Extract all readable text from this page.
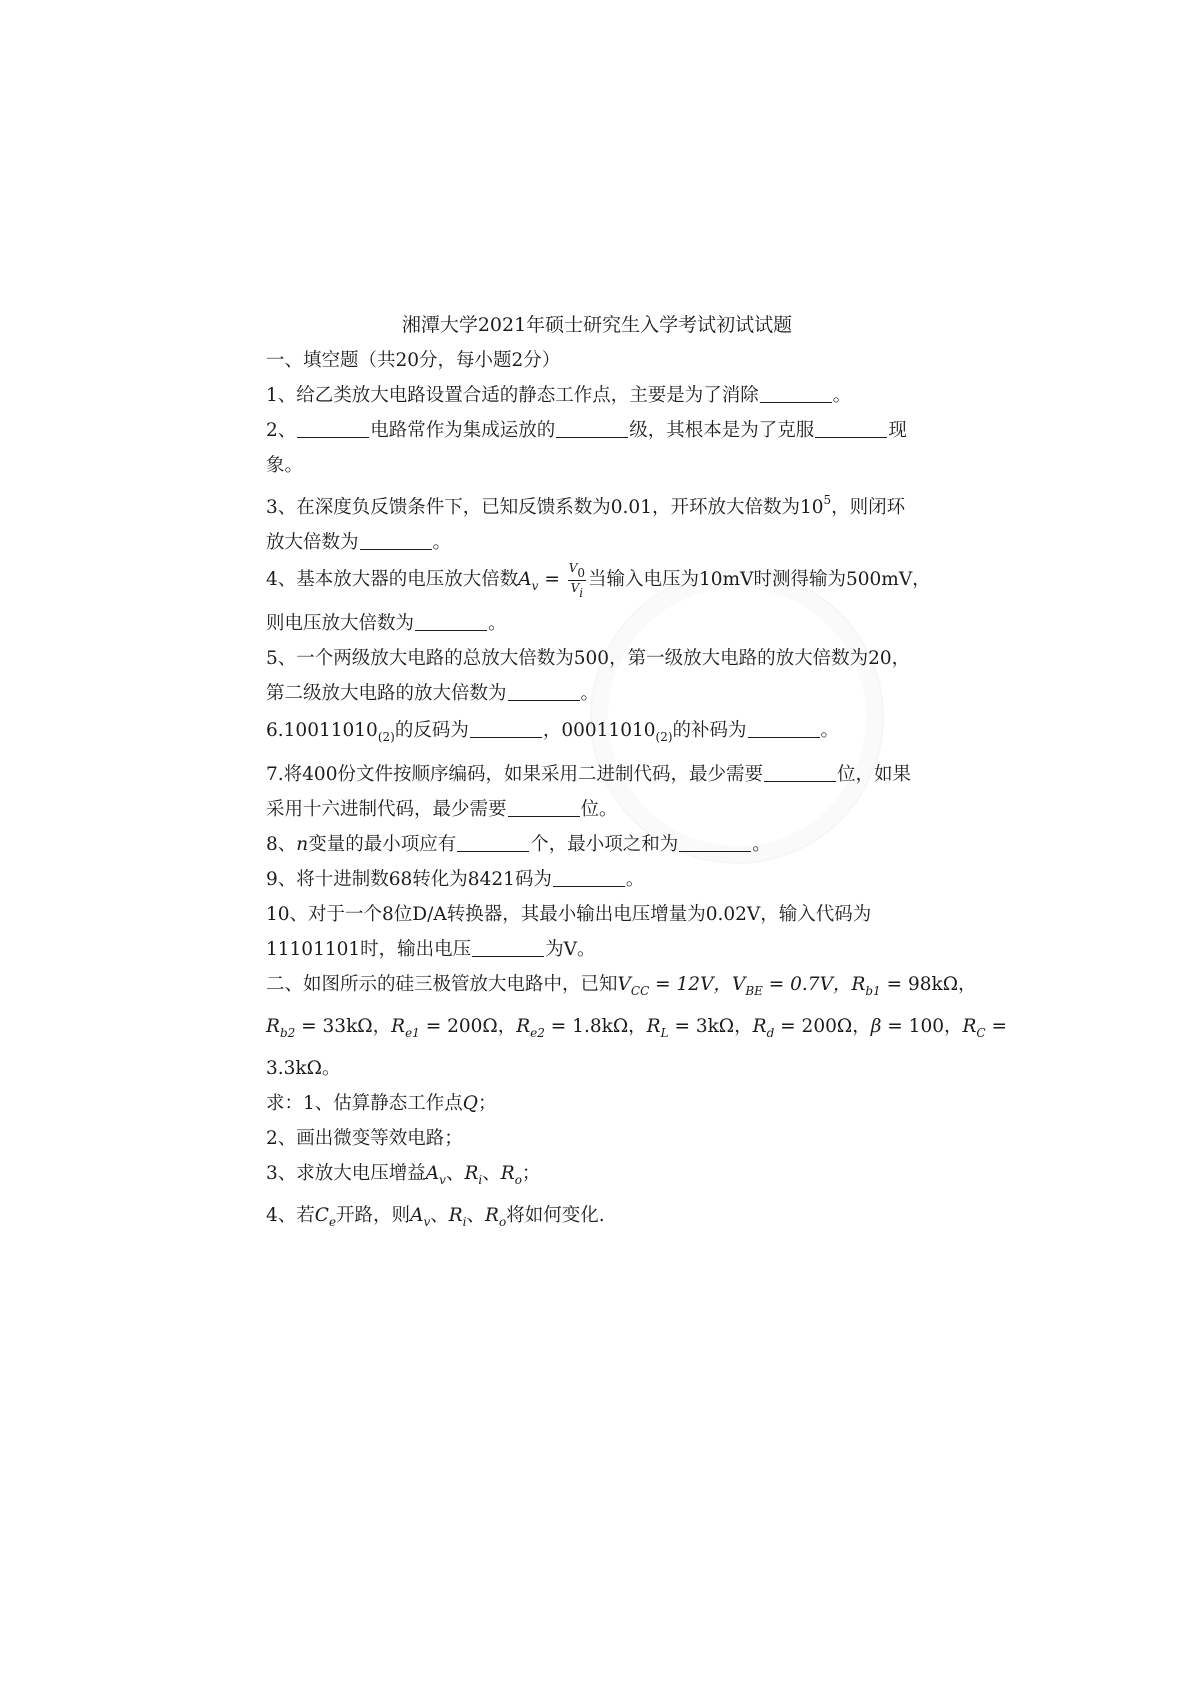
湘潭大学2021年硕士研究生入学考试初试试题
一、填空题（共20分，每小题2分）
1、给乙类放大电路设置合适的静态工作点，主要是为了消除	。
2、	电路常作为集成运放的	级，其根本是为了克服	现
象。
3、在深度负反馈条件下，已知反馈系数为0.01，开环放大倍数为$10^5$，则闭环
放大倍数为	。
4、基本放大器的电压放大倍数$A_v = \frac{V_0}{V_i}$ 当输入电压为10mV时测得输为500mV，
则电压放大倍数为	。
5、一个两级放大电路的总放大倍数为500，第一级放大电路的放大倍数为20，
第二级放大电路的放大倍数为	。
$6.10011010_{(2)}$的反码为	，$00011010_{(2)}$的补码为	。
7.将400份文件按顺序编码，如果采用二进制代码，最少需要	位，如果
采用十六进制代码，最少需要	位。
8、n变量的最小项应有	个，最小项之和为	。
9、将十进制数68转化为8421码为	。
10、对于一个8位D/A转换器，其最小输出电压增量为0.02V，输入代码为
11101101时，输出电压	为V。
二、如图所示的硅三极管放大电路中，已知$V_{CC} = 12V$，$V_{BE} = 0.7V$，$R_{b1} = 98k\Omega$，
$R_{b2} = 33k\Omega$，$R_{e1} = 200\Omega$，$R_{e2} = 1.8k\Omega$，$R_L = 3k\Omega$，$R_d = 200\Omega$，β = 100，$R_C$ =
3.3kΩ。
求：1、估算静态工作点Q；
2、画出微变等效电路；
3、求放大电压增益$A_v$、$R_i$、$R_o$；
4、若$C_e$开路，则$A_v$、$R_i$、$R_o$将如何变化.
